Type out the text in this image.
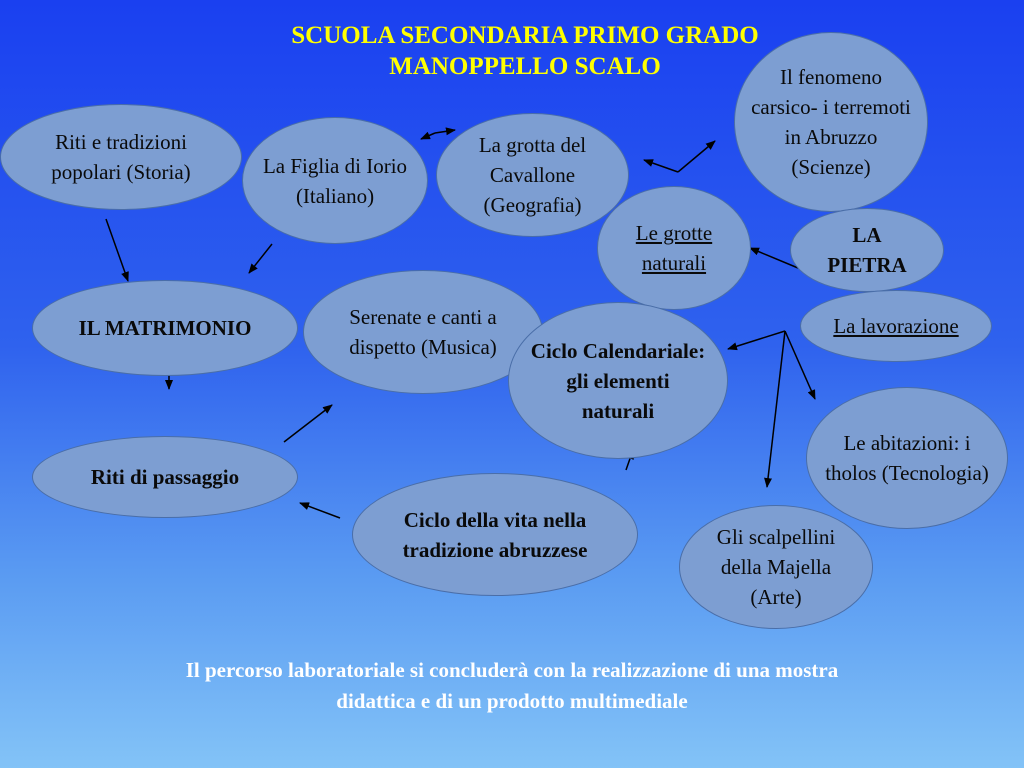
SCUOLA SECONDARIA PRIMO GRADO
MANOPPELLO SCALO	Il fenomeno carsico- i terremoti in Abruzzo (Scienze)
Riti e tradizioni popolari (Storia)	La Figlia di Iorio (Italiano)
La grotta del Cavallone (Geografia)
Le grotte naturali
LA PIETRA
IL MATRIMONIO	Serenate e canti a dispetto (Musica)	Ciclo Calendariale: gli elementi naturali
La lavorazione
Le abitazioni: i tholos (Tecnologia)
Riti di passaggio
Ciclo della vita nella tradizione abruzzese
Gli scalpellini della Majella (Arte)

Il percorso laboratoriale si concluderà con la realizzazione di una mostra
didattica e di un prodotto multimediale
